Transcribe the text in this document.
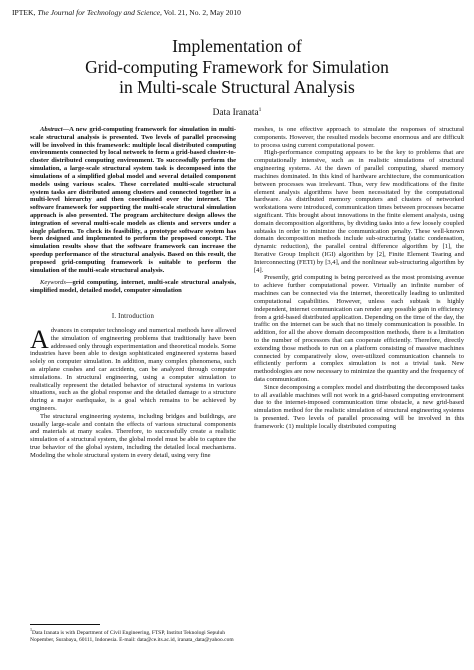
IPTEK, The Journal for Technology and Science, Vol. 21, No. 2, May 2010
Implementation of
Grid-computing Framework for Simulation
in Multi-scale Structural Analysis
Data Iranata$^1$

Abstract—A new grid-computing framework for simulation in multi-scale structural analysis is presented. Two levels of parallel processing will be involved in this framework: multiple local distributed computing environments connected by local network to form a grid-based cluster-to-cluster distributed computing environment. To successfully perform the simulation, a large-scale structural system task is decomposed into the simulations of a simplified global model and several detailed component models using various scales. These correlated multi-scale structural system tasks are distributed among clusters and connected together in a multi-level hierarchy and then coordinated over the internet. The software framework for supporting the multi-scale structural simulation approach is also presented. The program architecture design allows the integration of several multi-scale models as clients and servers under a single platform. To check its feasibility, a prototype software system has been designed and implemented to perform the proposed concept. The simulation results show that the software framework can increase the speedup performance of the structural analysis. Based on this result, the proposed grid-computing framework is suitable to perform the simulation of the multi-scale structural analysis.

Keywords—grid computing, internet, multi-scale structural analysis, simplified model, detailed model, computer simulation

I. Introduction

Advances in computer technology and numerical methods have allowed the simulation of engineering problems that traditionally have been addressed only through experimentation and theoretical models. Some industries have been able to design sophisticated engineered systems based solely on computer simulation. In addition, many complex phenomena, such as airplane crashes and car accidents, can be analyzed through computer simulations. In structural engineering, using a computer simulation to realistically represent the detailed behavior of structural systems in various situations, such as the global response and the detailed damage to a structure during a major earthquake, is a goal which remains to be achieved by engineers.

The structural engineering systems, including bridges and buildings, are usually large-scale and contain the effects of various structural components and materials at many scales. Therefore, to successfully create a realistic simulation of a structural system, the global model must be able to capture the true behavior of the global system, including the detailed local mechanisms. Modeling the whole structural system in every detail, using very fine

$^1$Data Iranata is with Department of Civil Engineering, FTSP, Institut Teknologi Sepuluh Nopember, Surabaya, 60111, Indonesia. E-mail: data@ce.its.ac.id, iranata_data@yahoo.com

meshes, is one effective approach to simulate the responses of structural components. However, the resulted models become enormous and are difficult to process using current computational power.

High-performance computing appears to be the key to problems that are computationally intensive, such as in realistic simulations of structural engineering systems. At the dawn of parallel computing, shared memory machines dominated. In this kind of hardware architecture, the communication between processes was irrelevant. Thus, very few modifications of the finite element analysis algorithms have been necessitated by the computational hardware. As distributed memory computers and clusters of networked workstations were introduced, communication times between processes became significant. This brought about innovations in the finite element analysis, using domain decomposition algorithms, by dividing tasks into a few loosely coupled subtasks in order to minimize the communication penalty. These well-known domain decomposition methods include sub-structuring (static condensation, dynamic reduction), the parallel central difference algorithm by [1], the Iterative Group Implicit (IGI) algorithm by [2], Finite Element Tearing and Interconnecting (FETI) by [3,4], and the nonlinear sub-structuring algorithm by [4].

Presently, grid computing is being perceived as the most promising avenue to achieve further computational power. Virtually an infinite number of machines can be connected via the internet, theoretically leading to unlimited computational capabilities. However, unless each subtask is highly independent, internet communication can render any possible gain in efficiency from a grid-based distributed application. Depending on the time of the day, the traffic on the internet can be such that no timely communication is possible. In addition, for all the above domain decomposition methods, there is a limitation to the number of processors that can cooperate efficiently. Therefore, directly extending those methods to run on a platform consisting of massive machines connected by comparatively slow, over-utilized communication channels to efficiently perform a complex simulation is not a trivial task. New methodologies are now necessary to minimize the quantity and the frequency of data communication.

Since decomposing a complex model and distributing the decomposed tasks to all available machines will not work in a grid-based computing environment due to the internet-imposed communication time obstacle, a new grid-based simulation method for the realistic simulation of structural engineering systems is presented. Two levels of parallel processing will be involved in this framework: (1) multiple locally distributed computing
